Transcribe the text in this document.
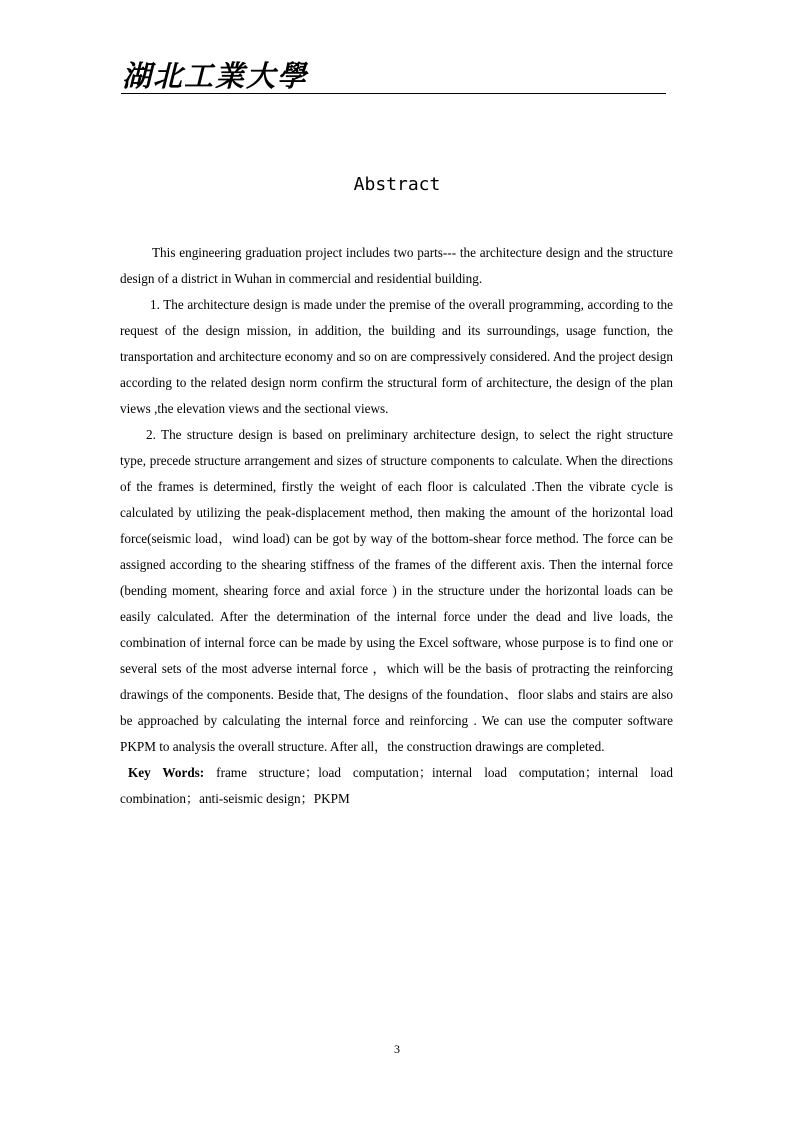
湖北工業大學
Abstract

This engineering graduation project includes two parts--- the architecture design and the structure design of a district in Wuhan in commercial and residential building.

1. The architecture design is made under the premise of the overall programming, according to the request of the design mission, in addition, the building and its surroundings, usage function, the transportation and architecture economy and so on are compressively considered. And the project design according to the related design norm confirm the structural form of architecture, the design of the plan views ,the elevation views and the sectional views.

2. The structure design is based on preliminary architecture design, to select the right structure type, precede structure arrangement and sizes of structure components to calculate. When the directions of the frames is determined, firstly the weight of each floor is calculated .Then the vibrate cycle is calculated by utilizing the peak-displacement method, then making the amount of the horizontal load force(seismic load，wind load) can be got by way of the bottom-shear force method. The force can be assigned according to the shearing stiffness of the frames of the different axis. Then the internal force (bending moment, shearing force and axial force ) in the structure under the horizontal loads can be easily calculated. After the determination of the internal force under the dead and live loads, the combination of internal force can be made by using the Excel software, whose purpose is to find one or several sets of the most adverse internal force ，which will be the basis of protracting the reinforcing drawings of the components. Beside that, The designs of the foundation、floor slabs and stairs are also be approached by calculating the internal force and reinforcing . We can use the computer software PKPM to analysis the overall structure. After all，the construction drawings are completed.

Key Words: frame structure；load computation；internal load computation；internal load combination；anti-seismic design；PKPM

3
